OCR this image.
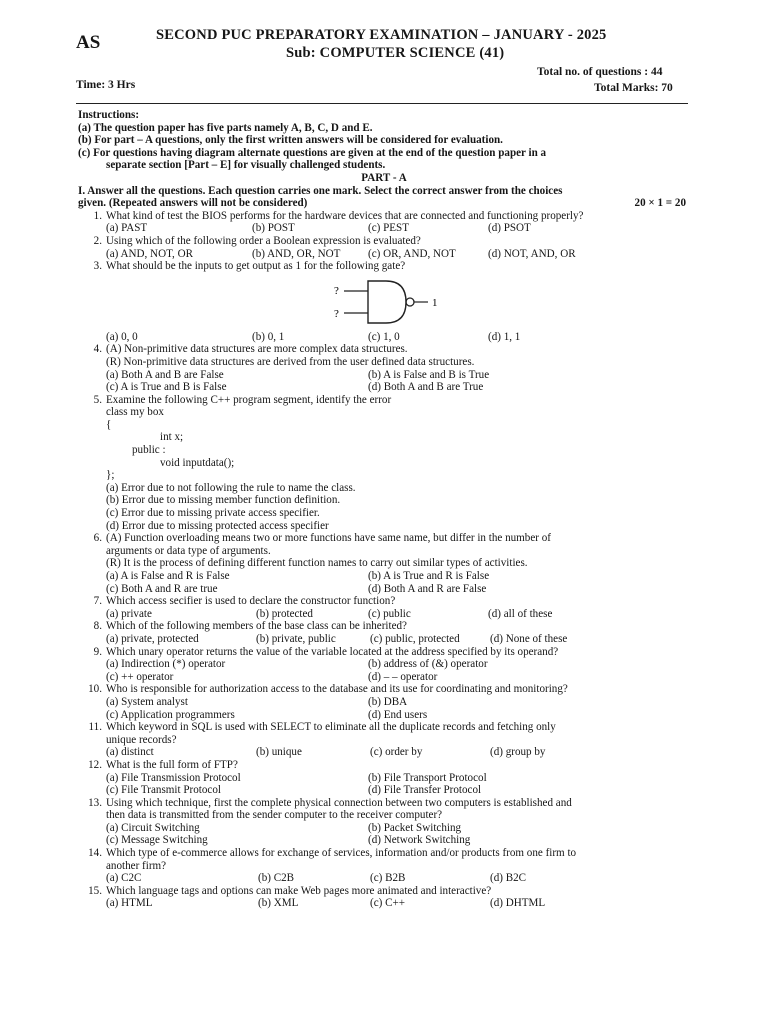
AS	SECOND PUC PREPARATORY EXAMINATION – JANUARY - 2025
Sub: COMPUTER SCIENCE (41)
Total no. of questions : 44
Time: 3 Hrs	Total Marks: 70
Instructions:
(a) The question paper has five parts namely A, B, C, D and E.
(b) For part – A questions, only the first written answers will be considered for evaluation.
(c) For questions having diagram alternate questions are given at the end of the question paper in a
separate section [Part – E] for visually challenged students.
PART - A
I. Answer all the questions. Each question carries one mark. Select the correct answer from the choices
given. (Repeated answers will not be considered)	20 × 1 = 20
1. What kind of test the BIOS performs for the hardware devices that are connected and functioning properly?
(a) PAST	(b) POST	(c) PEST	(d) PSOT
2. Using which of the following order a Boolean expression is evaluated?
(a) AND, NOT, OR	(b) AND, OR, NOT (c) OR, AND, NOT	(d) NOT, AND, OR
3. What should be the inputs to get output as 1 for the following gate?
?
?
1
(a) 0, 0	(b) 0, 1	(c) 1, 0	(d) 1, 1
4. (A) Non-primitive data structures are more complex data structures.
(R) Non-primitive data structures are derived from the user defined data structures.
(a) Both A and B are False	(b) A is False and B is True
(c) A is True and B is False	(d) Both A and B are True
5. Examine the following C++ program segment, identify the error
class my box
{
int x;
public :
void inputdata();
};
(a) Error due to not following the rule to name the class.
(b) Error due to missing member function definition.
(c) Error due to missing private access specifier.
(d) Error due to missing protected access specifier
6. (A) Function overloading means two or more functions have same name, but differ in the number of
arguments or data type of arguments.
(R) It is the process of defining different function names to carry out similar types of activities.
(a) A is False and R is False	(b) A is True and R is False
(c) Both A and R are true	(d) Both A and R are False
7. Which access secifier is used to declare the constructor function?
(a) private	(b) protected	(c) public	(d) all of these
8. Which of the following members of the base class can be inherited?
(a) private, protected	(b) private, public	(c) public, protected	(d) None of these
9. Which unary operator returns the value of the variable located at the address specified by its operand?
(a) Indirection (*) operator	(b) address of (&) operator
(c) ++ operator	(d) – – operator
10. Who is responsible for authorization access to the database and its use for coordinating and monitoring?
(a) System analyst	(b) DBA
(c) Application programmers	(d) End users
11. Which keyword in SQL is used with SELECT to eliminate all the duplicate records and fetching only
unique records?
(a) distinct	(b) unique	(c) order by	(d) group by
12. What is the full form of FTP?
(a) File Transmission Protocol	(b) File Transport Protocol
(c) File Transmit Protocol	(d) File Transfer Protocol
13. Using which technique, first the complete physical connection between two computers is established and
then data is transmitted from the sender computer to the receiver computer?
(a) Circuit Switching	(b) Packet Switching
(c) Message Switching	(d) Network Switching
14. Which type of e-commerce allows for exchange of services, information and/or products from one firm to
another firm?
(a) C2C	(b) C2B	(c) B2B	(d) B2C
15. Which language tags and options can make Web pages more animated and interactive?
(a) HTML	(b) XML	(c) C++	(d) DHTML
